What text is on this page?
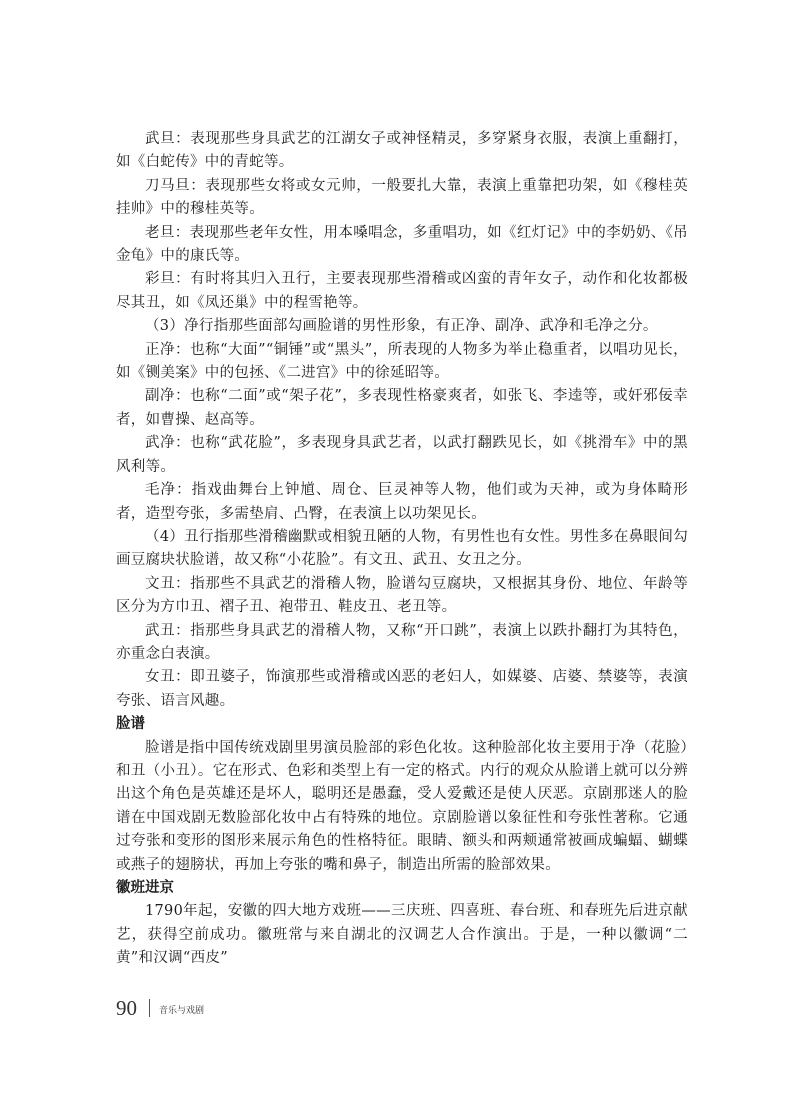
武旦：表现那些身具武艺的江湖女子或神怪精灵，多穿紧身衣服，表演上重翻打，如《白蛇传》中的青蛇等。

刀马旦：表现那些女将或女元帅，一般要扎大靠，表演上重靠把功架，如《穆桂英挂帅》中的穆桂英等。

老旦：表现那些老年女性，用本嗓唱念，多重唱功，如《红灯记》中的李奶奶、《吊金龟》中的康氏等。

彩旦：有时将其归入丑行，主要表现那些滑稽或凶蛮的青年女子，动作和化妆都极尽其丑，如《凤还巢》中的程雪艳等。

（3）净行指那些面部勾画脸谱的男性形象，有正净、副净、武净和毛净之分。

正净：也称“大面”“铜锤”或“黑头”，所表现的人物多为举止稳重者，以唱功见长，如《铡美案》中的包拯、《二进宫》中的徐延昭等。

副净：也称“二面”或“架子花”，多表现性格豪爽者，如张飞、李逵等，或奸邪佞幸者，如曹操、赵高等。

武净：也称“武花脸”，多表现身具武艺者，以武打翻跌见长，如《挑滑车》中的黑风利等。

毛净：指戏曲舞台上钟馗、周仓、巨灵神等人物，他们或为天神，或为身体畸形者，造型夸张，多需垫肩、凸臀，在表演上以功架见长。

（4）丑行指那些滑稽幽默或相貌丑陋的人物，有男性也有女性。男性多在鼻眼间勾画豆腐块状脸谱，故又称“小花脸”。有文丑、武丑、女丑之分。

文丑：指那些不具武艺的滑稽人物，脸谱勾豆腐块，又根据其身份、地位、年龄等区分为方巾丑、褶子丑、袍带丑、鞋皮丑、老丑等。

武丑：指那些身具武艺的滑稽人物，又称“开口跳”，表演上以跌扑翻打为其特色，亦重念白表演。

女丑：即丑婆子，饰演那些或滑稽或凶恶的老妇人，如媒婆、店婆、禁婆等，表演夸张、语言风趣。

脸谱

脸谱是指中国传统戏剧里男演员脸部的彩色化妆。这种脸部化妆主要用于净（花脸）和丑（小丑）。它在形式、色彩和类型上有一定的格式。内行的观众从脸谱上就可以分辨出这个角色是英雄还是坏人，聪明还是愚蠢，受人爱戴还是使人厌恶。京剧那迷人的脸谱在中国戏剧无数脸部化妆中占有特殊的地位。京剧脸谱以象征性和夸张性著称。它通过夸张和变形的图形来展示角色的性格特征。眼睛、额头和两颊通常被画成蝙蝠、蝴蝶或燕子的翅膀状，再加上夸张的嘴和鼻子，制造出所需的脸部效果。

徽班进京

1790年起，安徽的四大地方戏班——三庆班、四喜班、春台班、和春班先后进京献艺，获得空前成功。徽班常与来自湖北的汉调艺人合作演出。于是，一种以徽调“二黄”和汉调“西皮”

90 音乐与戏剧
